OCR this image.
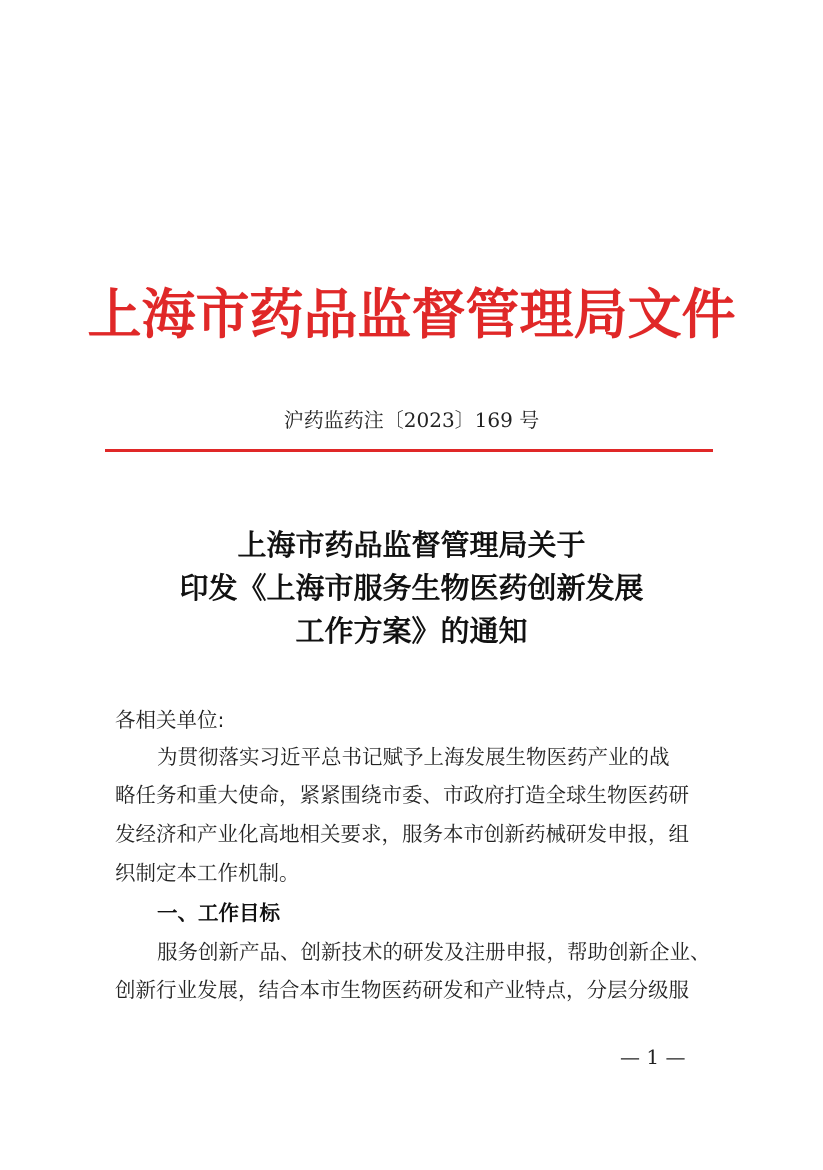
上海市药品监督管理局文件
沪药监药注〔2023〕169 号
上海市药品监督管理局关于
印发《上海市服务生物医药创新发展
工作方案》的通知
各相关单位:
为贯彻落实习近平总书记赋予上海发展生物医药产业的战
略任务和重大使命，紧紧围绕市委、市政府打造全球生物医药研
发经济和产业化高地相关要求，服务本市创新药械研发申报，组
织制定本工作机制。
一、工作目标
服务创新产品、创新技术的研发及注册申报，帮助创新企业、
创新行业发展，结合本市生物医药研发和产业特点，分层分级服
— 1 —
